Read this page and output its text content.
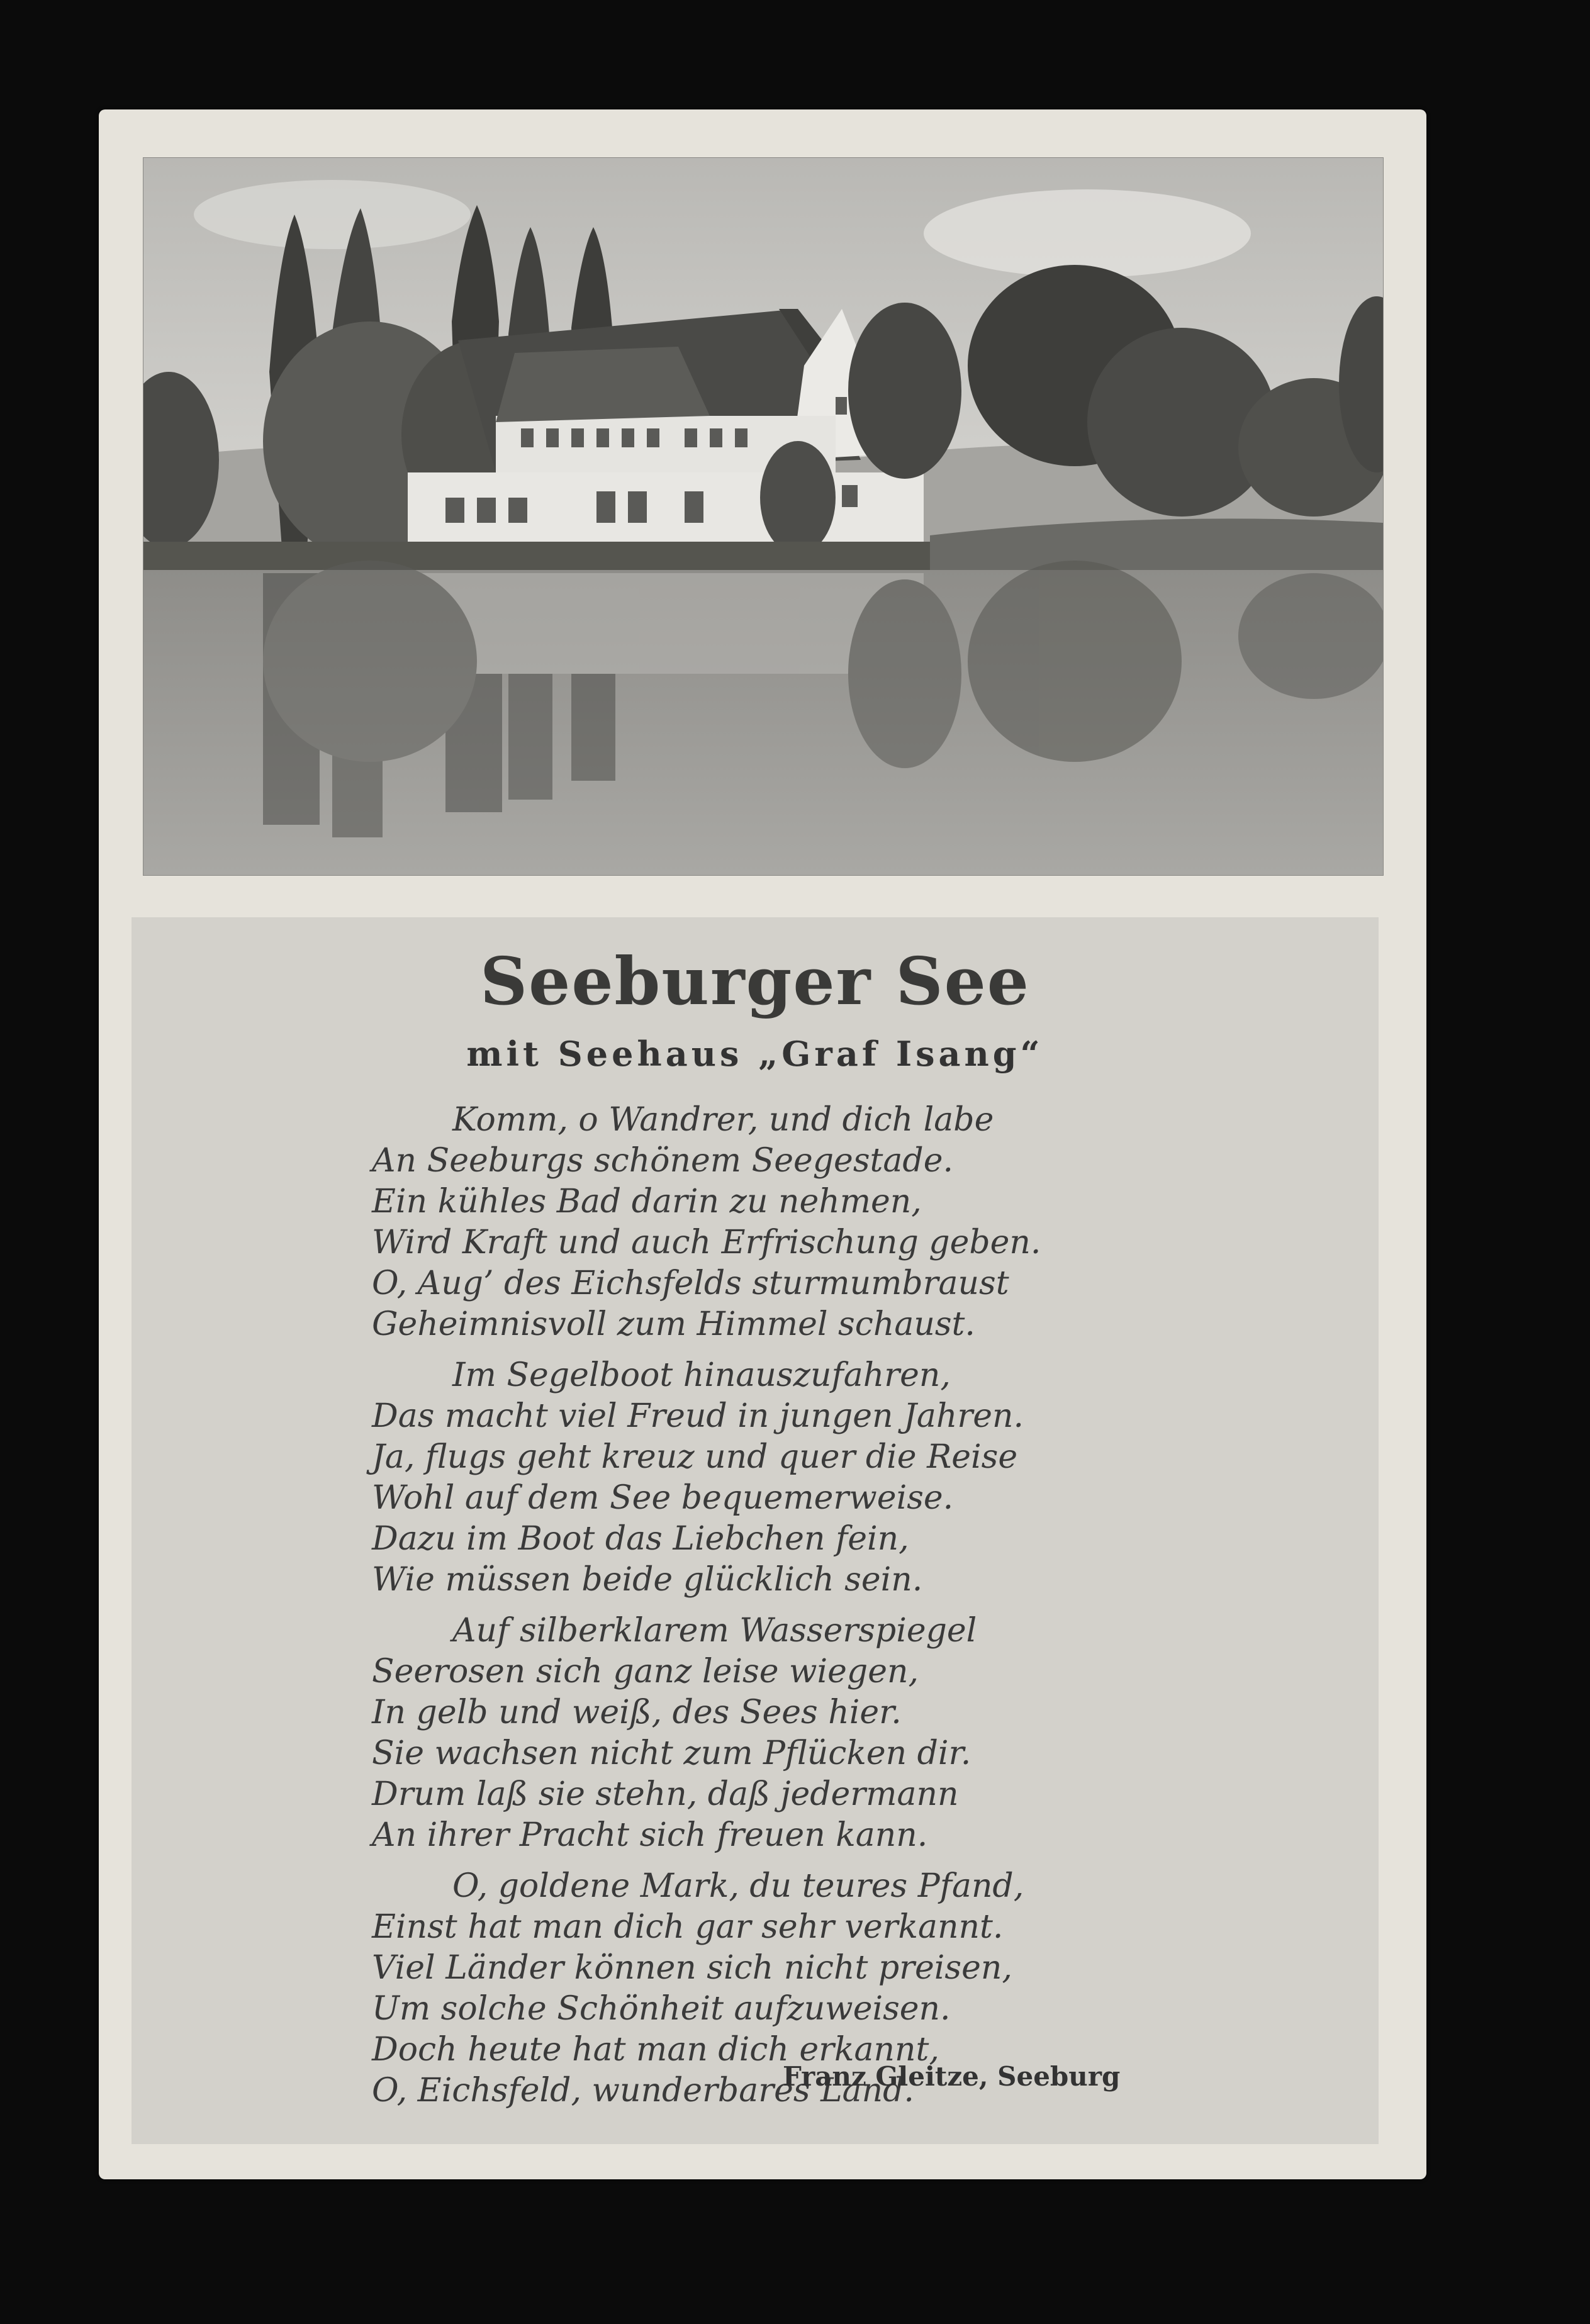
Seeburger See
mit Seehaus „Graf Isang“
Komm, o Wandrer, und dich labe
An Seeburgs schönem Seegestade.
Ein kühles Bad darin zu nehmen,
Wird Kraft und auch Erfrischung geben.
O, Aug’ des Eichsfelds sturmumbraust
Geheimnisvoll zum Himmel schaust.
Im Segelboot hinauszufahren,
Das macht viel Freud in jungen Jahren.
Ja, flugs geht kreuz und quer die Reise
Wohl auf dem See bequemerweise.
Dazu im Boot das Liebchen fein,
Wie müssen beide glücklich sein.
Auf silberklarem Wasserspiegel
Seerosen sich ganz leise wiegen,
In gelb und weiß, des Sees hier.
Sie wachsen nicht zum Pflücken dir.
Drum laß sie stehn, daß jedermann
An ihrer Pracht sich freuen kann.
O, goldene Mark, du teures Pfand,
Einst hat man dich gar sehr verkannt.
Viel Länder können sich nicht preisen,
Um solche Schönheit aufzuweisen.
Doch heute hat man dich erkannt,
O, Eichsfeld, wunderbares Land.
Franz Gleitze, Seeburg
